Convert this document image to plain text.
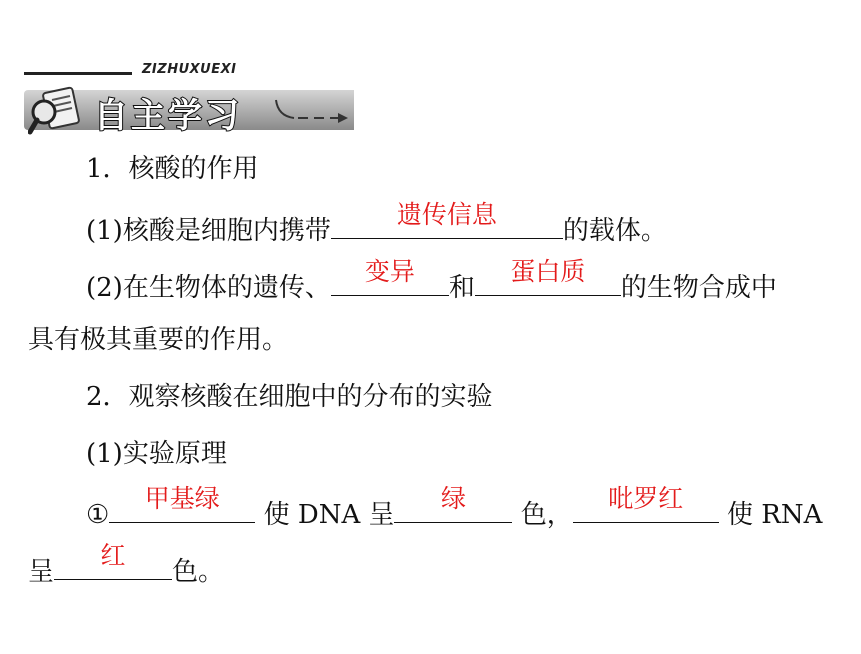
ZIZHUXUEXI
自主学习
1．核酸的作用
(1)核酸是细胞内携带
遗传信息
的载体。
(2)在生物体的遗传、
变异
和
蛋白质
的生物合成中
具有极其重要的作用。
2．观察核酸在细胞中的分布的实验
(1)实验原理
①
甲基绿
使 DNA 呈
绿
色，
吡罗红
使 RNA
呈
红
色。
